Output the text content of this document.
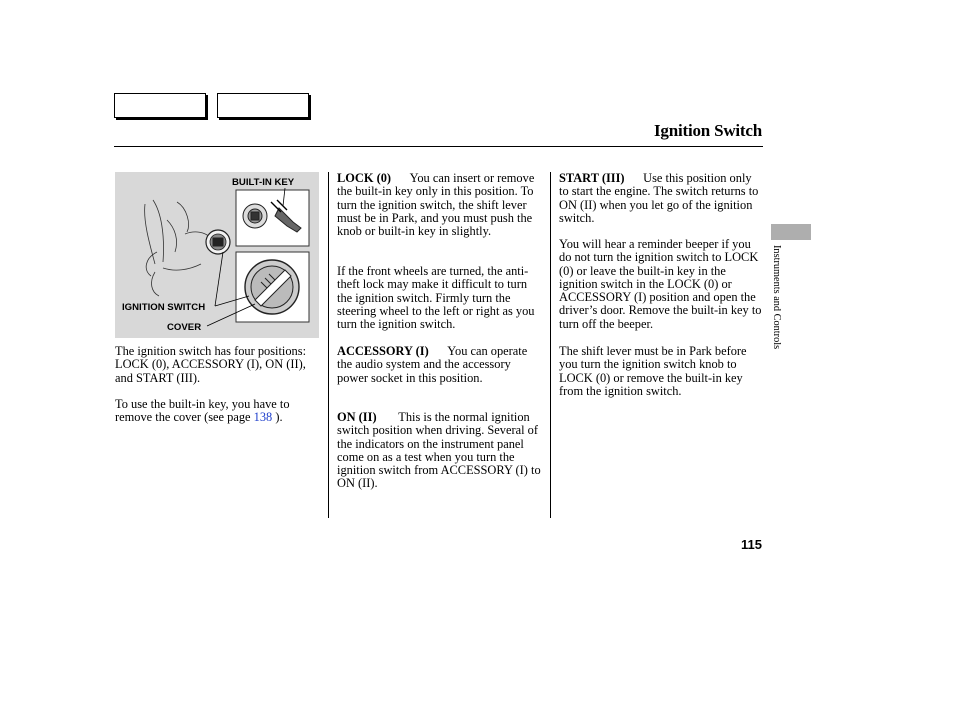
Ignition Switch
BUILT-IN KEY
IGNITION SWITCH
COVER

The ignition switch has four positions: LOCK (0), ACCESSORY (I), ON (II), and START (III).

To use the built-in key, you have to remove the cover (see page 138 ).

LOCK (0) You can insert or remove the built-in key only in this position. To turn the ignition switch, the shift lever must be in Park, and you must push the knob or built-in key in slightly.

If the front wheels are turned, the anti-theft lock may make it difficult to turn the ignition switch. Firmly turn the steering wheel to the left or right as you turn the ignition switch.

ACCESSORY (I) You can operate the audio system and the accessory power socket in this position.

ON (II) This is the normal ignition switch position when driving. Several of the indicators on the instrument panel come on as a test when you turn the ignition switch from ACCESSORY (I) to ON (II).

START (III) Use this position only to start the engine. The switch returns to ON (II) when you let go of the ignition switch.

You will hear a reminder beeper if you do not turn the ignition switch to LOCK (0) or leave the built-in key in the ignition switch in the LOCK (0) or ACCESSORY (I) position and open the driver’s door. Remove the built-in key to turn off the beeper.

The shift lever must be in Park before you turn the ignition switch knob to LOCK (0) or remove the built-in key from the ignition switch.

Instruments and Controls
115
